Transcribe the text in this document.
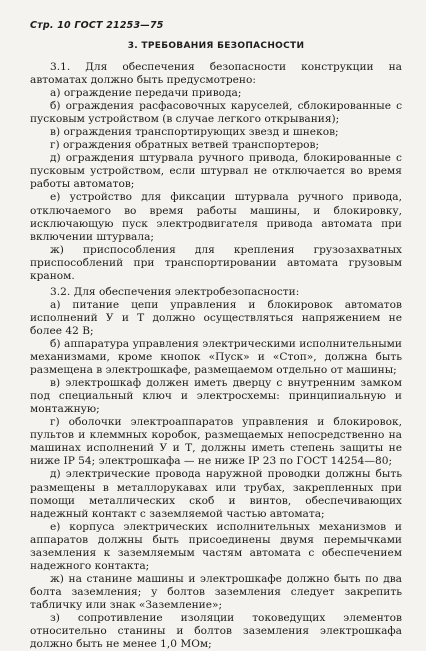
Стр. 10 ГОСТ 21253—75
3. ТРЕБОВАНИЯ БЕЗОПАСНОСТИ

3.1. Для обеспечения безопасности конструкции на автоматах должно быть предусмотрено:

а) ограждение передачи привода;

б) ограждения расфасовочных каруселей, сблокированные с пусковым устройством (в случае легкого открывания);

в) ограждения транспортирующих звезд и шнеков;

г) ограждения обратных ветвей транспортеров;

д) ограждения штурвала ручного привода, блокированные с пусковым устройством, если штурвал не отключается во время работы автоматов;

е) устройство для фиксации штурвала ручного привода, отключаемого во время работы машины, и блокировку, исключающую пуск электродвигателя привода автомата при включении штурвала;

ж) приспособления для крепления грузозахватных приспособлений при транспортировании автомата грузовым краном.

3.2. Для обеспечения электробезопасности:

а) питание цепи управления и блокировок автоматов исполнений У и Т должно осуществляться напряжением не более 42 В;

б) аппаратура управления электрическими исполнительными механизмами, кроме кнопок «Пуск» и «Стоп», должна быть размещена в электрошкафе, размещаемом отдельно от машины;

в) электрошкаф должен иметь дверцу с внутренним замком под специальный ключ и электросхемы: принципиальную и монтажную;

г) оболочки электроаппаратов управления и блокировок, пультов и клеммных коробок, размещаемых непосредственно на машинах исполнений У и Т, должны иметь степень защиты не ниже IP 54; электрошкафа — не ниже IP 23 по ГОСТ 14254—80;

д) электрические провода наружной проводки должны быть размещены в металлорукавах или трубах, закрепленных при помощи металлических скоб и винтов, обеспечивающих надежный контакт с заземляемой частью автомата;

е) корпуса электрических исполнительных механизмов и аппаратов должны быть присоединены двумя перемычками заземления к заземляемым частям автомата с обеспечением надежного контакта;

ж) на станине машины и электрошкафе должно быть по два болта заземления; у болтов заземления следует закрепить табличку или знак «Заземление»;

з) сопротивление изоляции токоведущих элементов относительно станины и болтов заземления электрошкафа должно быть не менее 1,0 МОм;
